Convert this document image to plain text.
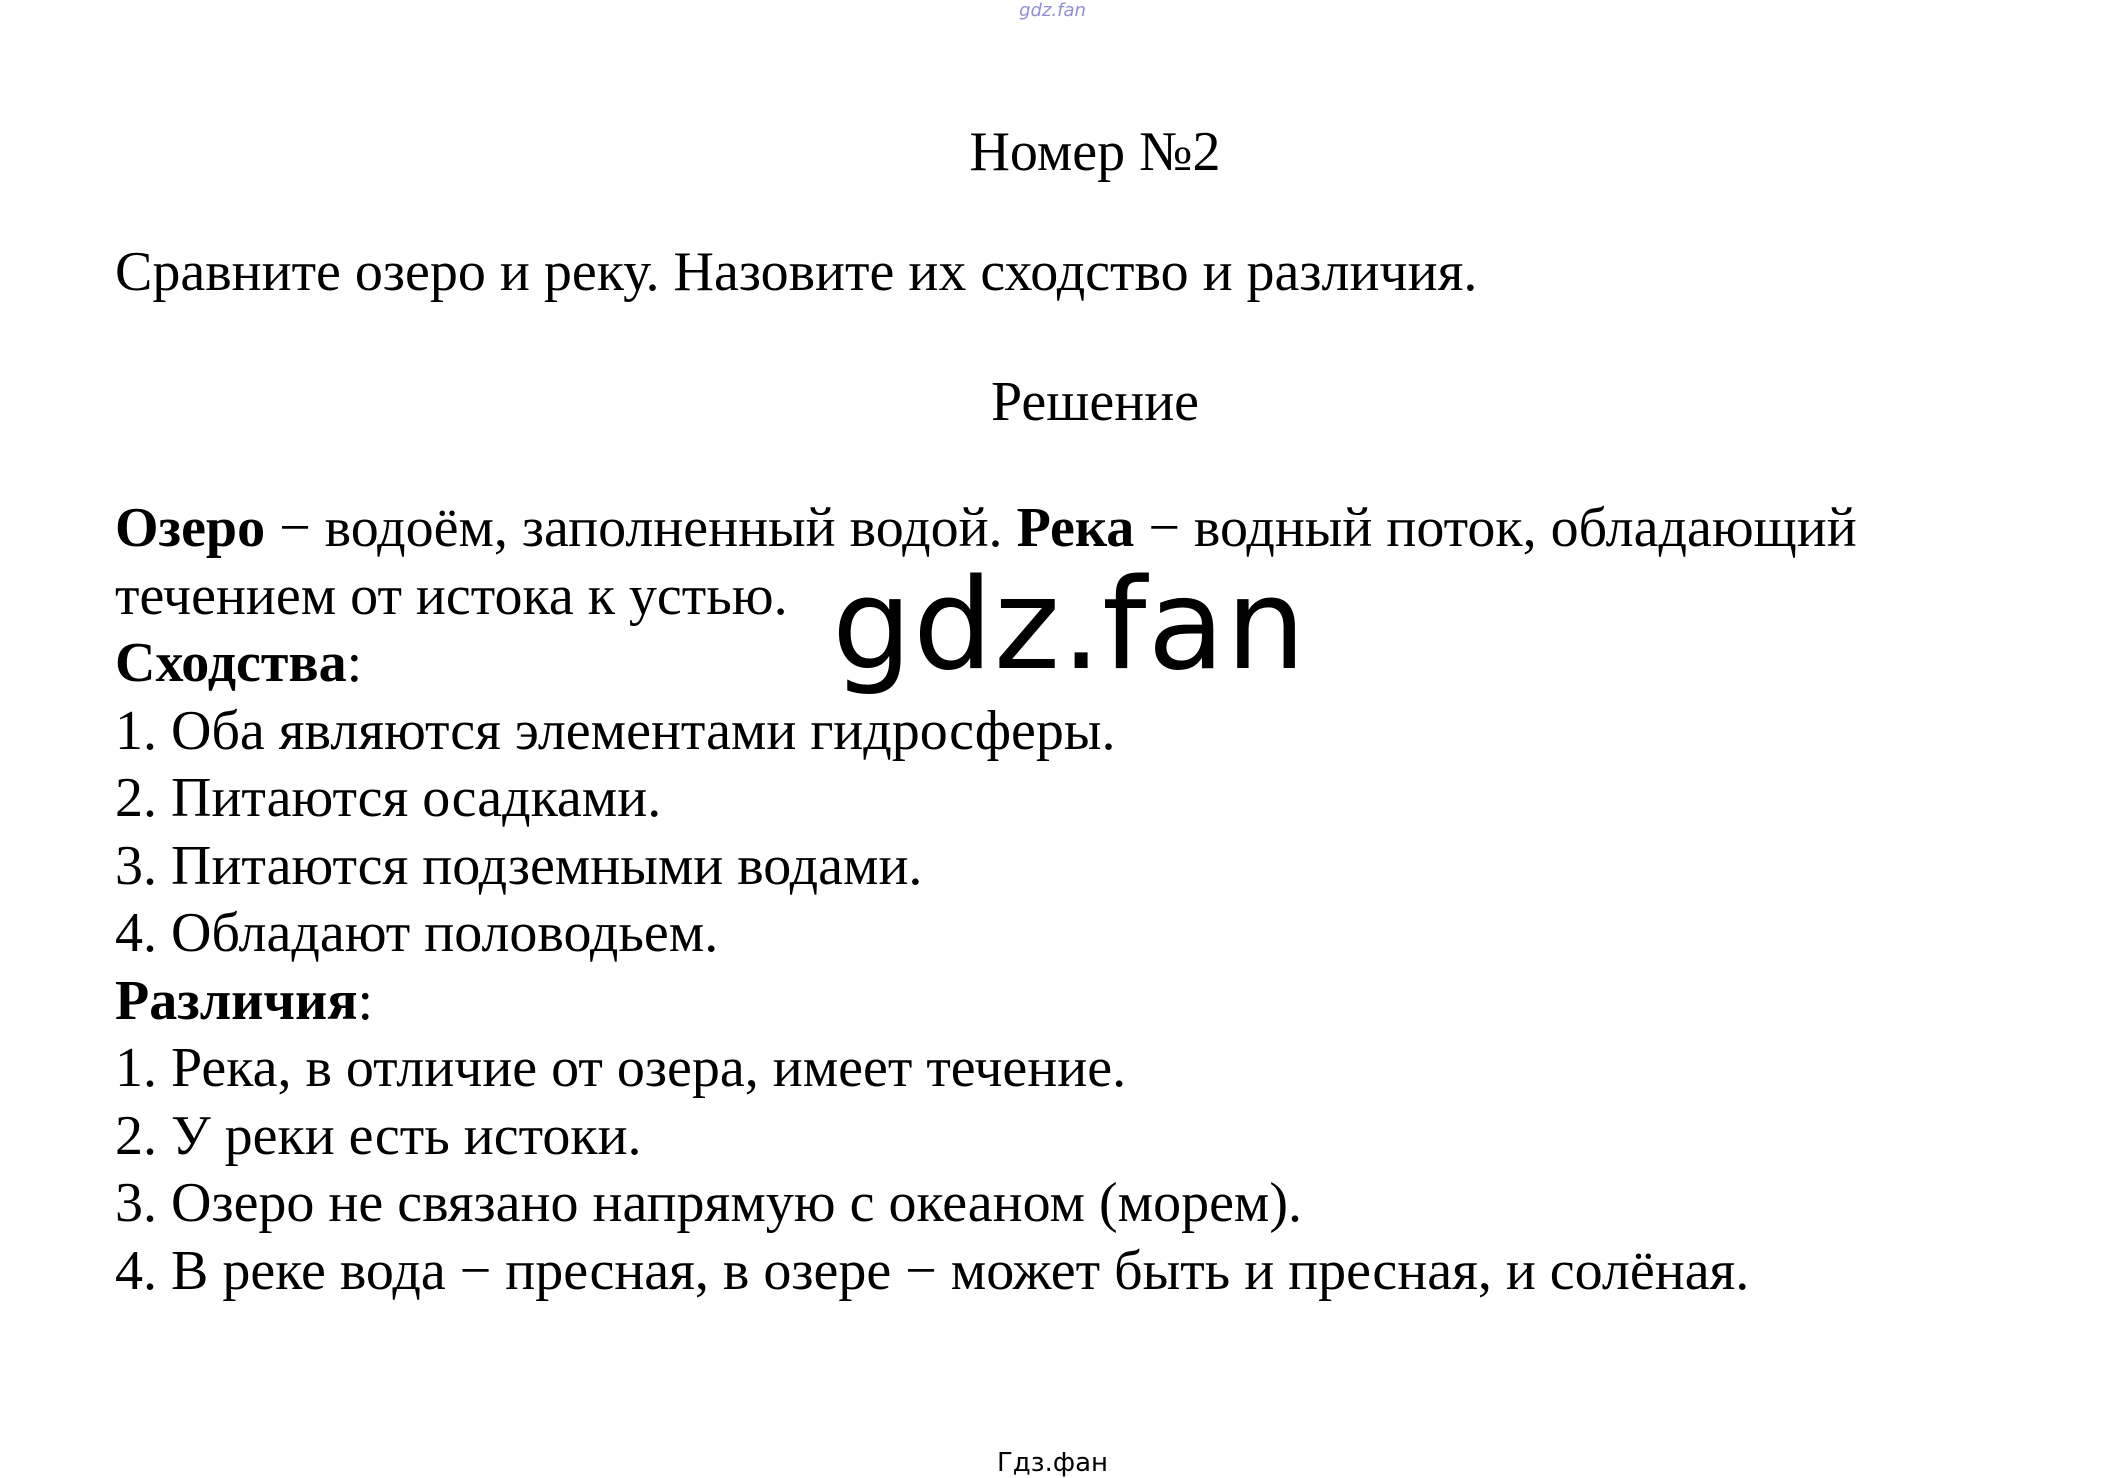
gdz.fan
Номер №2
Сравните озеро и реку. Назовите их сходство и различия.
Решение

Озеро − водоём, заполненный водой. Река − водный поток, обладающий

течением от истока к устью.

Сходства:

1. Оба являются элементами гидросферы.

2. Питаются осадками.

3. Питаются подземными водами.

4. Обладают половодьем.

Различия:

1. Река, в отличие от озера, имеет течение.

2. У реки есть истоки.

3. Озеро не связано напрямую с океаном (морем).

4. В реке вода − пресная, в озере − может быть и пресная, и солёная.

gdz.fan
Гдз.фан
